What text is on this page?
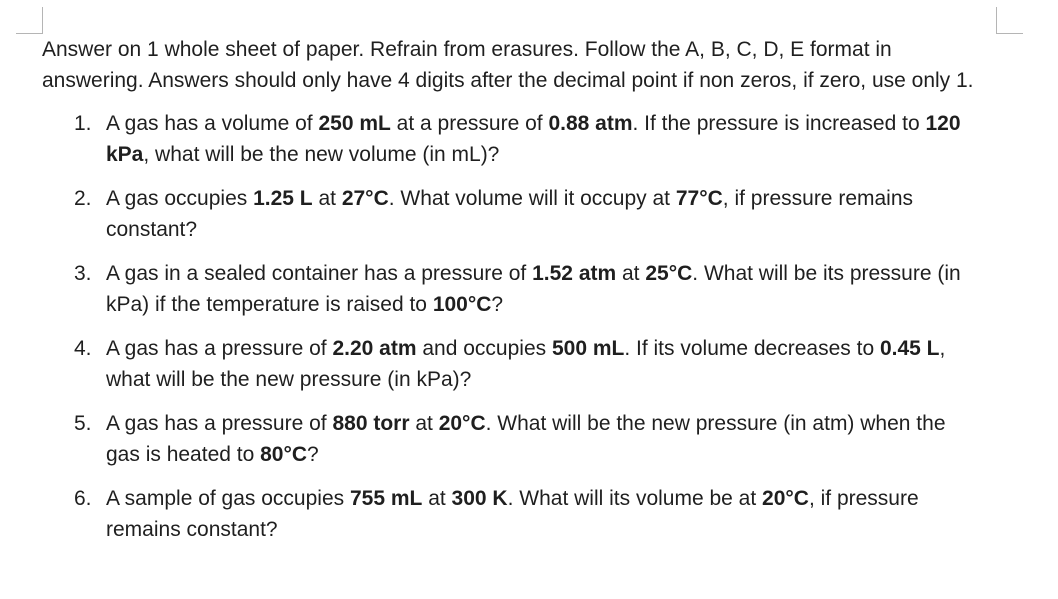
Answer on 1 whole sheet of paper. Refrain from erasures. Follow the A, B, C, D, E format in answering. Answers should only have 4 digits after the decimal point if non zeros, if zero, use only 1.

1. A gas has a volume of 250 mL at a pressure of 0.88 atm. If the pressure is increased to 120 kPa, what will be the new volume (in mL)?
2. A gas occupies 1.25 L at 27°C. What volume will it occupy at 77°C, if pressure remains constant?
3. A gas in a sealed container has a pressure of 1.52 atm at 25°C. What will be its pressure (in kPa) if the temperature is raised to 100°C?
4. A gas has a pressure of 2.20 atm and occupies 500 mL. If its volume decreases to 0.45 L, what will be the new pressure (in kPa)?
5. A gas has a pressure of 880 torr at 20°C. What will be the new pressure (in atm) when the gas is heated to 80°C?
6. A sample of gas occupies 755 mL at 300 K. What will its volume be at 20°C, if pressure remains constant?
